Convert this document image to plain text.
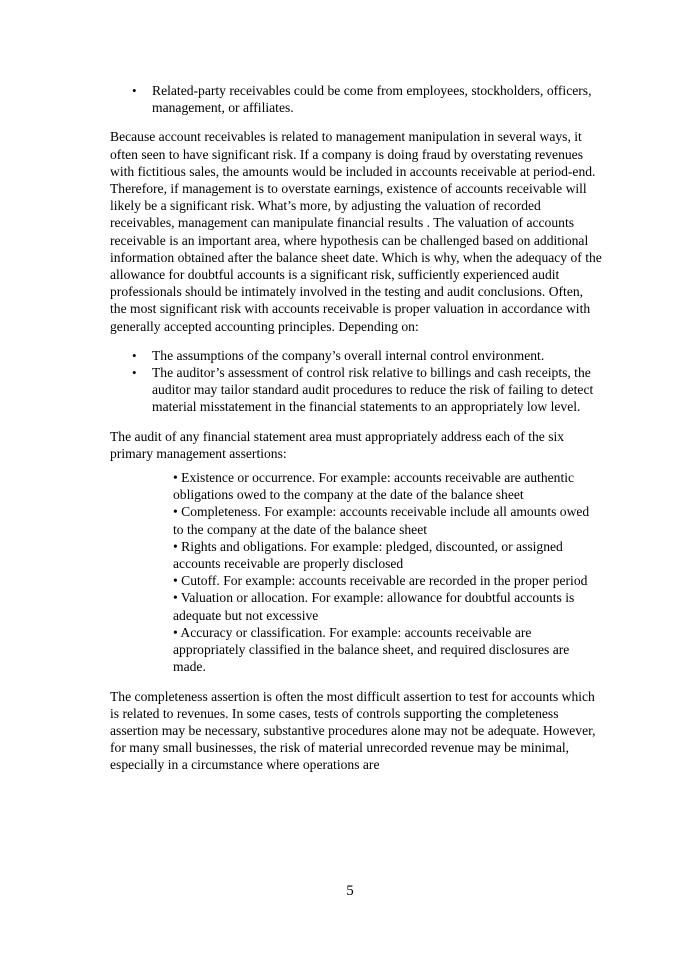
• Related-party receivables could be come from employees, stockholders, officers, management, or affiliates.

Because account receivables is related to management manipulation in several ways, it often seen to have significant risk. If a company is doing fraud by overstating revenues with fictitious sales, the amounts would be included in accounts receivable at period-end. Therefore, if management is to overstate earnings, existence of accounts receivable will likely be a significant risk. What’s more, by adjusting the valuation of recorded receivables, management can manipulate financial results . The valuation of accounts receivable is an important area, where hypothesis can be challenged based on additional information obtained after the balance sheet date. Which is why, when the adequacy of the allowance for doubtful accounts is a significant risk, sufficiently experienced audit professionals should be intimately involved in the testing and audit conclusions. Often, the most significant risk with accounts receivable is proper valuation in accordance with generally accepted accounting principles. Depending on:

• The assumptions of the company’s overall internal control environment.
• The auditor’s assessment of control risk relative to billings and cash receipts, the auditor may tailor standard audit procedures to reduce the risk of failing to detect material misstatement in the financial statements to an appropriately low level.

The audit of any financial statement area must appropriately address each of the six primary management assertions:

• Existence or occurrence. For example: accounts receivable are authentic obligations owed to the company at the date of the balance sheet

• Completeness. For example: accounts receivable include all amounts owed to the company at the date of the balance sheet

• Rights and obligations. For example: pledged, discounted, or assigned accounts receivable are properly disclosed

• Cutoff. For example: accounts receivable are recorded in the proper period

• Valuation or allocation. For example: allowance for doubtful accounts is adequate but not excessive

• Accuracy or classification. For example: accounts receivable are appropriately classified in the balance sheet, and required disclosures are made.

The completeness assertion is often the most difficult assertion to test for accounts which is related to revenues. In some cases, tests of controls supporting the completeness assertion may be necessary, substantive procedures alone may not be adequate. However, for many small businesses, the risk of material unrecorded revenue may be minimal, especially in a circumstance where operations are

5
